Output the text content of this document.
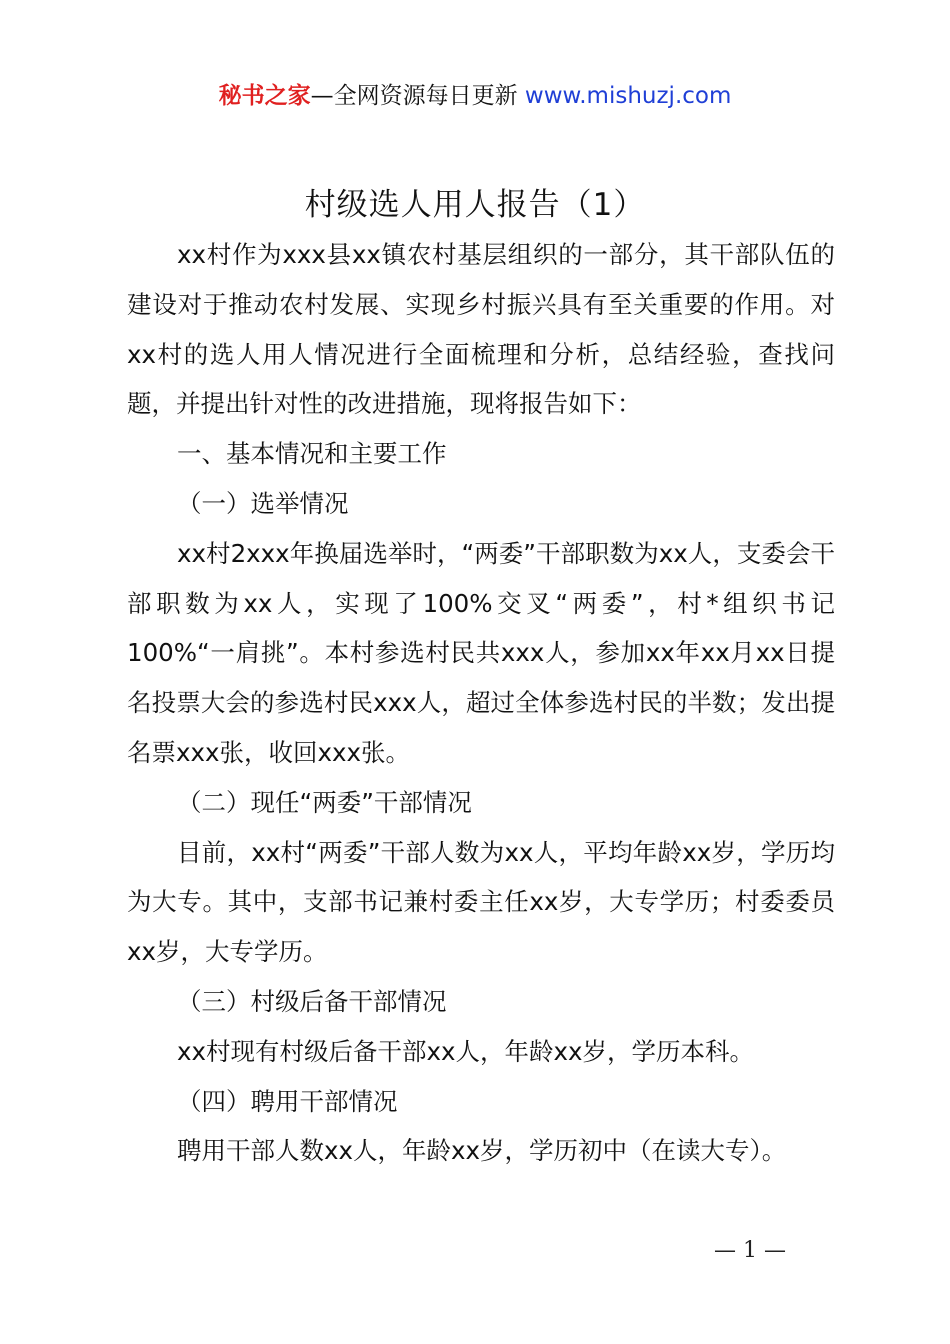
秘书之家—全网资源每日更新 www.mishuzj.com
村级选人用人报告（1）

xx村作为xxx县xx镇农村基层组织的一部分，其干部队伍的建设对于推动农村发展、实现乡村振兴具有至关重要的作用。对xx村的选人用人情况进行全面梳理和分析，总结经验，查找问题，并提出针对性的改进措施，现将报告如下：

一、基本情况和主要工作

（一）选举情况

xx村2xxx年换届选举时，“两委”干部职数为xx人，支委会干部职数为xx人，实现了100%交叉“两委”，村*组织书记100%“一肩挑”。本村参选村民共xxx人，参加xx年xx月xx日提名投票大会的参选村民xxx人，超过全体参选村民的半数；发出提名票xxx张，收回xxx张。

（二）现任“两委”干部情况

目前，xx村“两委”干部人数为xx人，平均年龄xx岁，学历均为大专。其中，支部书记兼村委主任xx岁，大专学历；村委委员xx岁，大专学历。

（三）村级后备干部情况

xx村现有村级后备干部xx人，年龄xx岁，学历本科。

（四）聘用干部情况

聘用干部人数xx人，年龄xx岁，学历初中（在读大专）。

— 1 —
